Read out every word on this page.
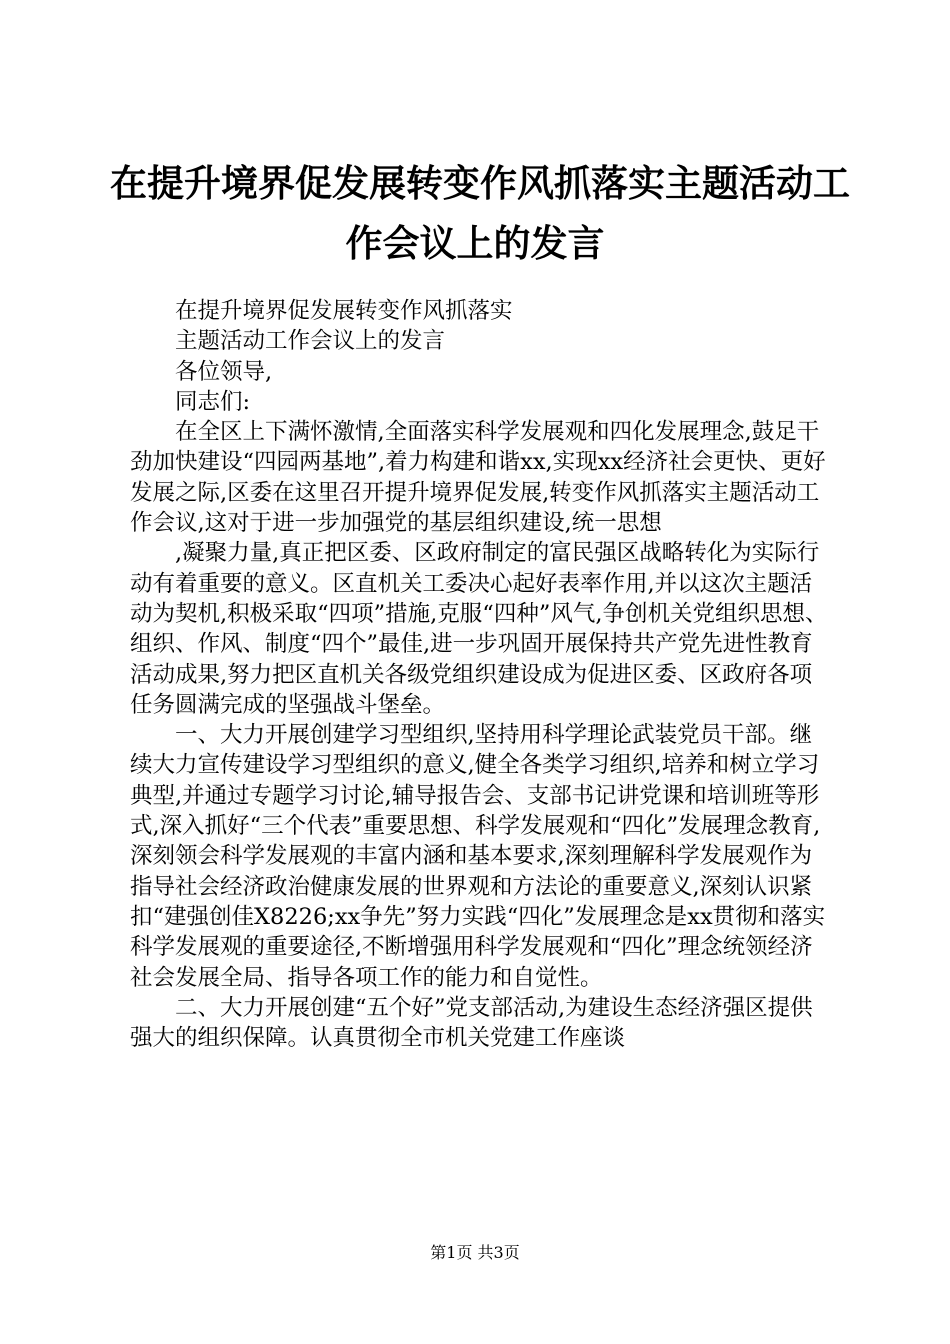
在提升境界促发展转变作风抓落实主题活动工
作会议上的发言

在提升境界促发展转变作风抓落实

主题活动工作会议上的发言

各位领导,

同志们:

在全区上下满怀激情,全面落实科学发展观和四化发展理念,鼓足干劲加快建设“四园两基地”,着力构建和谐xx,实现xx经济社会更快、更好发展之际,区委在这里召开提升境界促发展,转变作风抓落实主题活动工作会议,这对于进一步加强党的基层组织建设,统一思想

,凝聚力量,真正把区委、区政府制定的富民强区战略转化为实际行动有着重要的意义。区直机关工委决心起好表率作用,并以这次主题活动为契机,积极采取“四项”措施,克服“四种”风气,争创机关党组织思想、组织、作风、制度“四个”最佳,进一步巩固开展保持共产党先进性教育活动成果,努力把区直机关各级党组织建设成为促进区委、区政府各项任务圆满完成的坚强战斗堡垒。

一、大力开展创建学习型组织,坚持用科学理论武装党员干部。继续大力宣传建设学习型组织的意义,健全各类学习组织,培养和树立学习典型,并通过专题学习讨论,辅导报告会、支部书记讲党课和培训班等形式,深入抓好“三个代表”重要思想、科学发展观和“四化”发展理念教育,深刻领会科学发展观的丰富内涵和基本要求,深刻理解科学发展观作为指导社会经济政治健康发展的世界观和方法论的重要意义,深刻认识紧扣“建强创佳X8226;xx争先”努力实践“四化”发展理念是xx贯彻和落实科学发展观的重要途径,不断增强用科学发展观和“四化”理念统领经济社会发展全局、指导各项工作的能力和自觉性。

二、大力开展创建“五个好”党支部活动,为建设生态经济强区提供强大的组织保障。认真贯彻全市机关党建工作座谈

第1页 共3页
